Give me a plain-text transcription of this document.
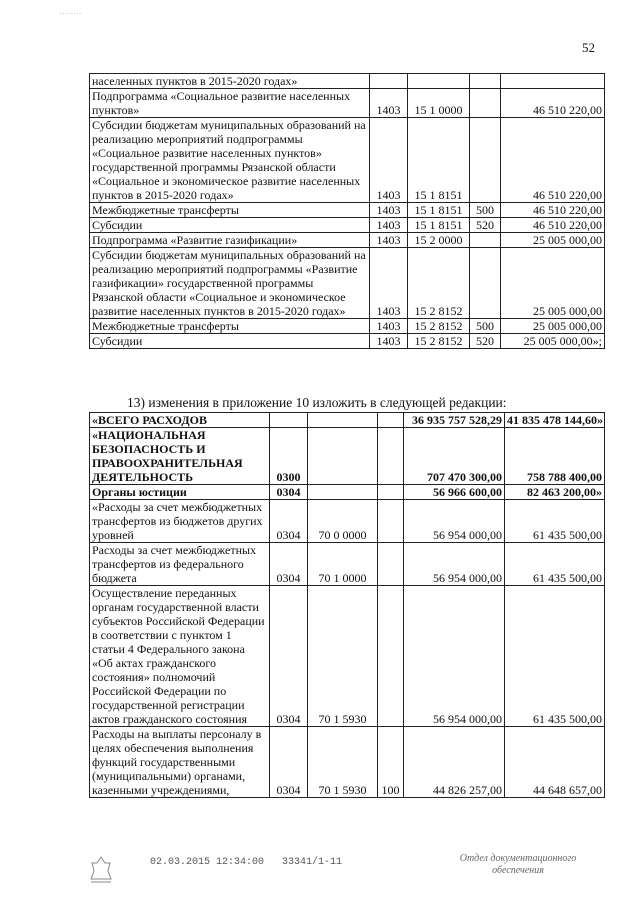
........
52
населенных пунктов в 2015-2020 годах»				
Подпрограмма «Социальное развитие населенных пунктов»	1403	15 1 0000		46 510 220,00
Субсидии бюджетам муниципальных образований на реализацию мероприятий подпрограммы «Социальное развитие населенных пунктов» государственной программы Рязанской области «Социальное и экономическое развитие населенных пунктов в 2015-2020 годах»	1403	15 1 8151		46 510 220,00
Межбюджетные трансферты	1403	15 1 8151	500	46 510 220,00
Субсидии	1403	15 1 8151	520	46 510 220,00
Подпрограмма «Развитие газификации»	1403	15 2 0000		25 005 000,00
Субсидии бюджетам муниципальных образований на реализацию мероприятий подпрограммы «Развитие газификации» государственной программы Рязанской области «Социальное и экономическое развитие населенных пунктов в 2015-2020 годах»	1403	15 2 8152		25 005 000,00
Межбюджетные трансферты	1403	15 2 8152	500	25 005 000,00
Субсидии	1403	15 2 8152	520	25 005 000,00»;
13) изменения в приложение 10 изложить в следующей редакции:
«ВСЕГО РАСХОДОВ				36 935 757 528,29	41 835 478 144,60»
«НАЦИОНАЛЬНАЯ БЕЗОПАСНОСТЬ И ПРАВООХРАНИТЕЛЬНАЯ ДЕЯТЕЛЬНОСТЬ	0300			707 470 300,00	758 788 400,00
Органы юстиции	0304			56 966 600,00	82 463 200,00»
«Расходы за счет межбюджетных трансфертов из бюджетов других уровней	0304	70 0 0000		56 954 000,00	61 435 500,00
Расходы за счет межбюджетных трансфертов из федерального бюджета	0304	70 1 0000		56 954 000,00	61 435 500,00
Осуществление переданных органам государственной власти субъектов Российской Федерации в соответствии с пунктом 1 статьи 4 Федерального закона «Об актах гражданского состояния» полномочий Российской Федерации по государственной регистрации актов гражданского состояния	0304	70 1 5930		56 954 000,00	61 435 500,00
Расходы на выплаты персоналу в целях обеспечения выполнения функций государственными (муниципальными) органами, казенными учреждениями,	0304	70 1 5930	100	44 826 257,00	44 648 657,00
02.03.2015 12:34:00 33341/1-11	Отдел документационного
обеспечения
